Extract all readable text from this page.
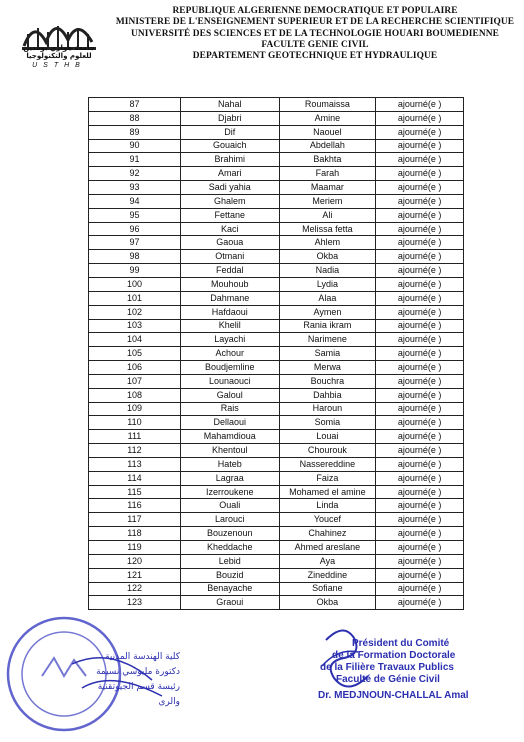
جامعة هواري بومدين
للعلوم والتكنولوجيا
USTHB
REPUBLIQUE ALGERIENNE DEMOCRATIQUE ET POPULAIRE
MINISTERE DE L'ENSEIGNEMENT SUPERIEUR ET DE LA RECHERCHE SCIENTIFIQUE
UNIVERSITÉ DES SCIENCES ET DE LA TECHNOLOGIE HOUARI BOUMEDIENNE
FACULTE GENIE CIVIL
DEPARTEMENT GEOTECHNIQUE ET HYDRAULIQUE
87	Nahal	Roumaissa	ajourné(e )
88	Djabri	Amine	ajourné(e )
89	Dif	Naouel	ajourné(e )
90	Gouaich	Abdellah	ajourné(e )
91	Brahimi	Bakhta	ajourné(e )
92	Amari	Farah	ajourné(e )
93	Sadi yahia	Maamar	ajourné(e )
94	Ghalem	Meriem	ajourné(e )
95	Fettane	Ali	ajourné(e )
96	Kaci	Melissa fetta	ajourné(e )
97	Gaoua	Ahlem	ajourné(e )
98	Otmani	Okba	ajourné(e )
99	Feddal	Nadia	ajourné(e )
100	Mouhoub	Lydia	ajourné(e )
101	Dahmane	Alaa	ajourné(e )
102	Hafdaoui	Aymen	ajourné(e )
103	Khelil	Rania ikram	ajourné(e )
104	Layachi	Narimene	ajourné(e )
105	Achour	Samia	ajourné(e )
106	Boudjemline	Merwa	ajourné(e )
107	Lounaouci	Bouchra	ajourné(e )
108	Galoul	Dahbia	ajourné(e )
109	Rais	Haroun	ajourné(e )
110	Dellaoui	Somia	ajourné(e )
111	Mahamdioua	Louai	ajourné(e )
112	Khentoul	Chourouk	ajourné(e )
113	Hateb	Nassereddine	ajourné(e )
114	Lagraa	Faiza	ajourné(e )
115	Izerroukene	Mohamed el amine	ajourné(e )
116	Ouali	Linda	ajourné(e )
117	Larouci	Youcef	ajourné(e )
118	Bouzenoun	Chahinez	ajourné(e )
119	Kheddache	Ahmed areslane	ajourné(e )
120	Lebid	Aya	ajourné(e )
121	Bouzid	Zineddine	ajourné(e )
122	Benayache	Sofiane	ajourné(e )
123	Graoui	Okba	ajourné(e )
كلية الهندسة المدنية
دكتورة مليوسي نسيمة
رئيسة قسم الجيوتقنية والري
Président du Comité
de la Formation Doctorale
de la Filière Travaux Publics
Faculté de Génie Civil
Dr. MEDJNOUN-CHALLAL Amal
